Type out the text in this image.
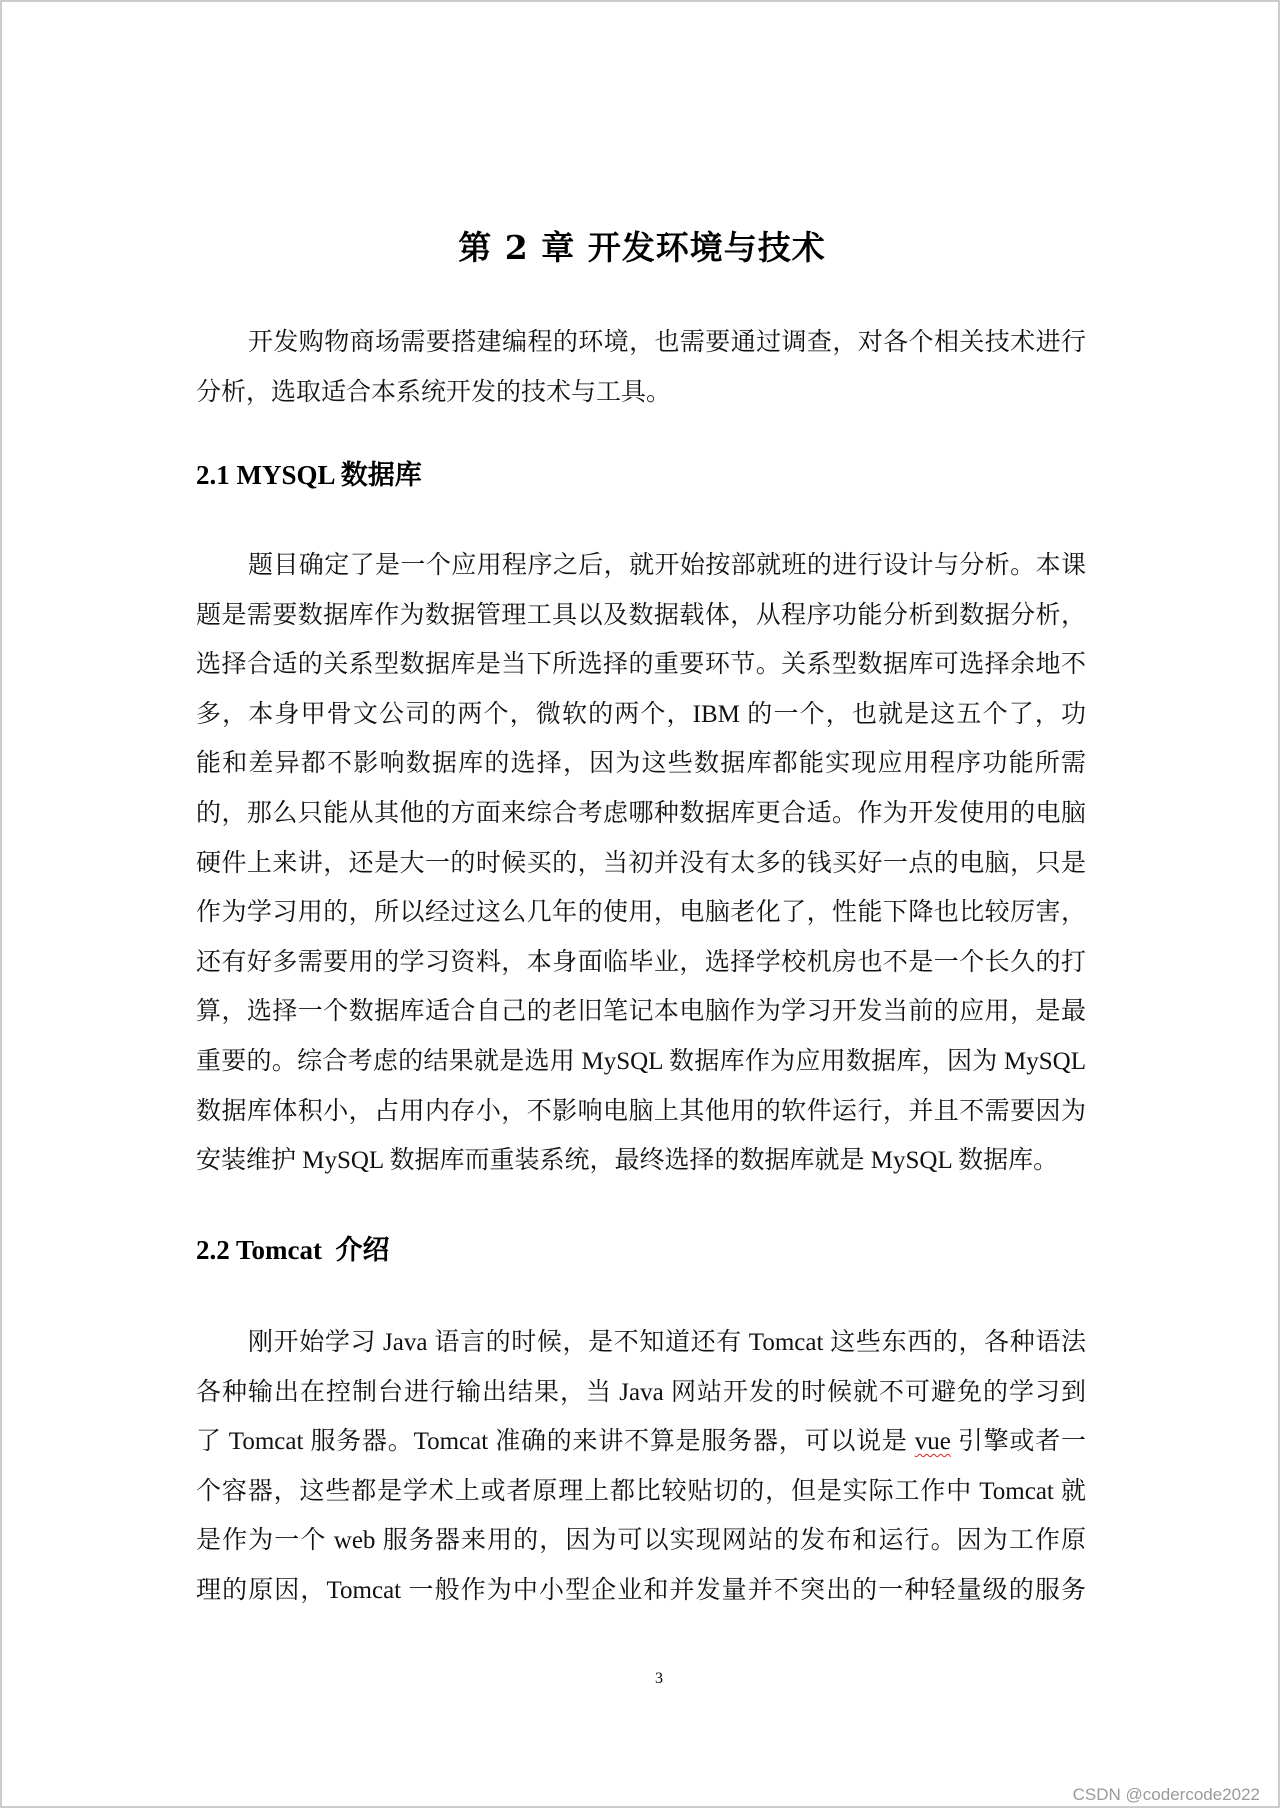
第 2 章 开发环境与技术
开发购物商场需要搭建编程的环境，也需要通过调查，对各个相关技术进行
分析，选取适合本系统开发的技术与工具。
2.1 MYSQL 数据库
题目确定了是一个应用程序之后，就开始按部就班的进行设计与分析。本课
题是需要数据库作为数据管理工具以及数据载体，从程序功能分析到数据分析，
选择合适的关系型数据库是当下所选择的重要环节。关系型数据库可选择余地不
多，本身甲骨文公司的两个，微软的两个，IBM 的一个，也就是这五个了，功
能和差异都不影响数据库的选择，因为这些数据库都能实现应用程序功能所需
的，那么只能从其他的方面来综合考虑哪种数据库更合适。作为开发使用的电脑
硬件上来讲，还是大一的时候买的，当初并没有太多的钱买好一点的电脑，只是
作为学习用的，所以经过这么几年的使用，电脑老化了，性能下降也比较厉害，
还有好多需要用的学习资料，本身面临毕业，选择学校机房也不是一个长久的打
算，选择一个数据库适合自己的老旧笔记本电脑作为学习开发当前的应用，是最
重要的。综合考虑的结果就是选用 MySQL 数据库作为应用数据库，因为 MySQL
数据库体积小，占用内存小，不影响电脑上其他用的软件运行，并且不需要因为
安装维护 MySQL 数据库而重装系统，最终选择的数据库就是 MySQL 数据库。
2.2 Tomcat  介绍
刚开始学习 Java 语言的时候，是不知道还有 Tomcat 这些东西的，各种语法
各种输出在控制台进行输出结果，当 Java 网站开发的时候就不可避免的学习到
了 Tomcat 服务器。Tomcat 准确的来讲不算是服务器，可以说是 vue 引擎或者一
个容器，这些都是学术上或者原理上都比较贴切的，但是实际工作中 Tomcat 就
是作为一个 web 服务器来用的，因为可以实现网站的发布和运行。因为工作原
理的原因，Tomcat 一般作为中小型企业和并发量并不突出的一种轻量级的服务
3
CSDN @codercode2022
